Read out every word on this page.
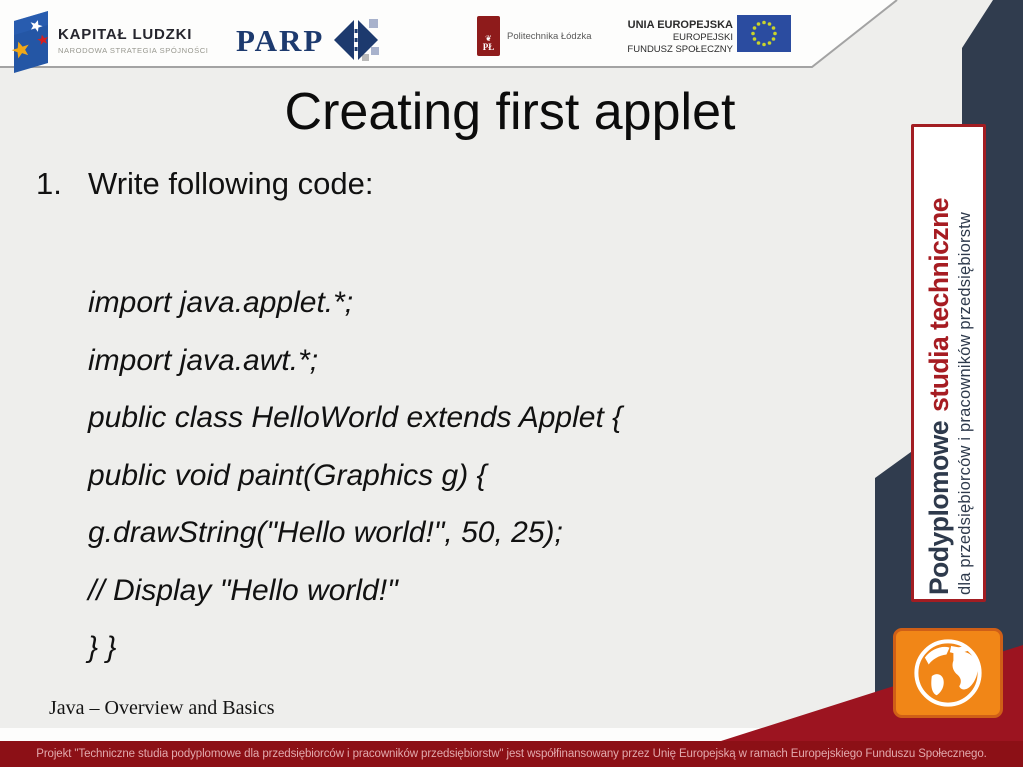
KAPITAŁ LUDZKI
NARODOWA STRATEGIA SPÓJNOŚCI PARP	❦
PŁ
Politechnika Łódzka
UNIA EUROPEJSKA
EUROPEJSKI
FUNDUSZ SPOŁECZNY
Creating first applet
1. Write following code:
import java.applet.*;
import java.awt.*;
public class HelloWorld extends Applet {
public void paint(Graphics g) {
g.drawString("Hello world!", 50, 25);
// Display "Hello world!"
} }
Java – Overview and Basics
Podyplomowestudia techniczne dla przedsiębiorców i pracowników przedsiębiorstw
Projekt "Techniczne studia podyplomowe dla przedsiębiorców i pracowników przedsiębiorstw" jest współfinansowany przez Unię Europejską w ramach Europejskiego Funduszu Społecznego.
